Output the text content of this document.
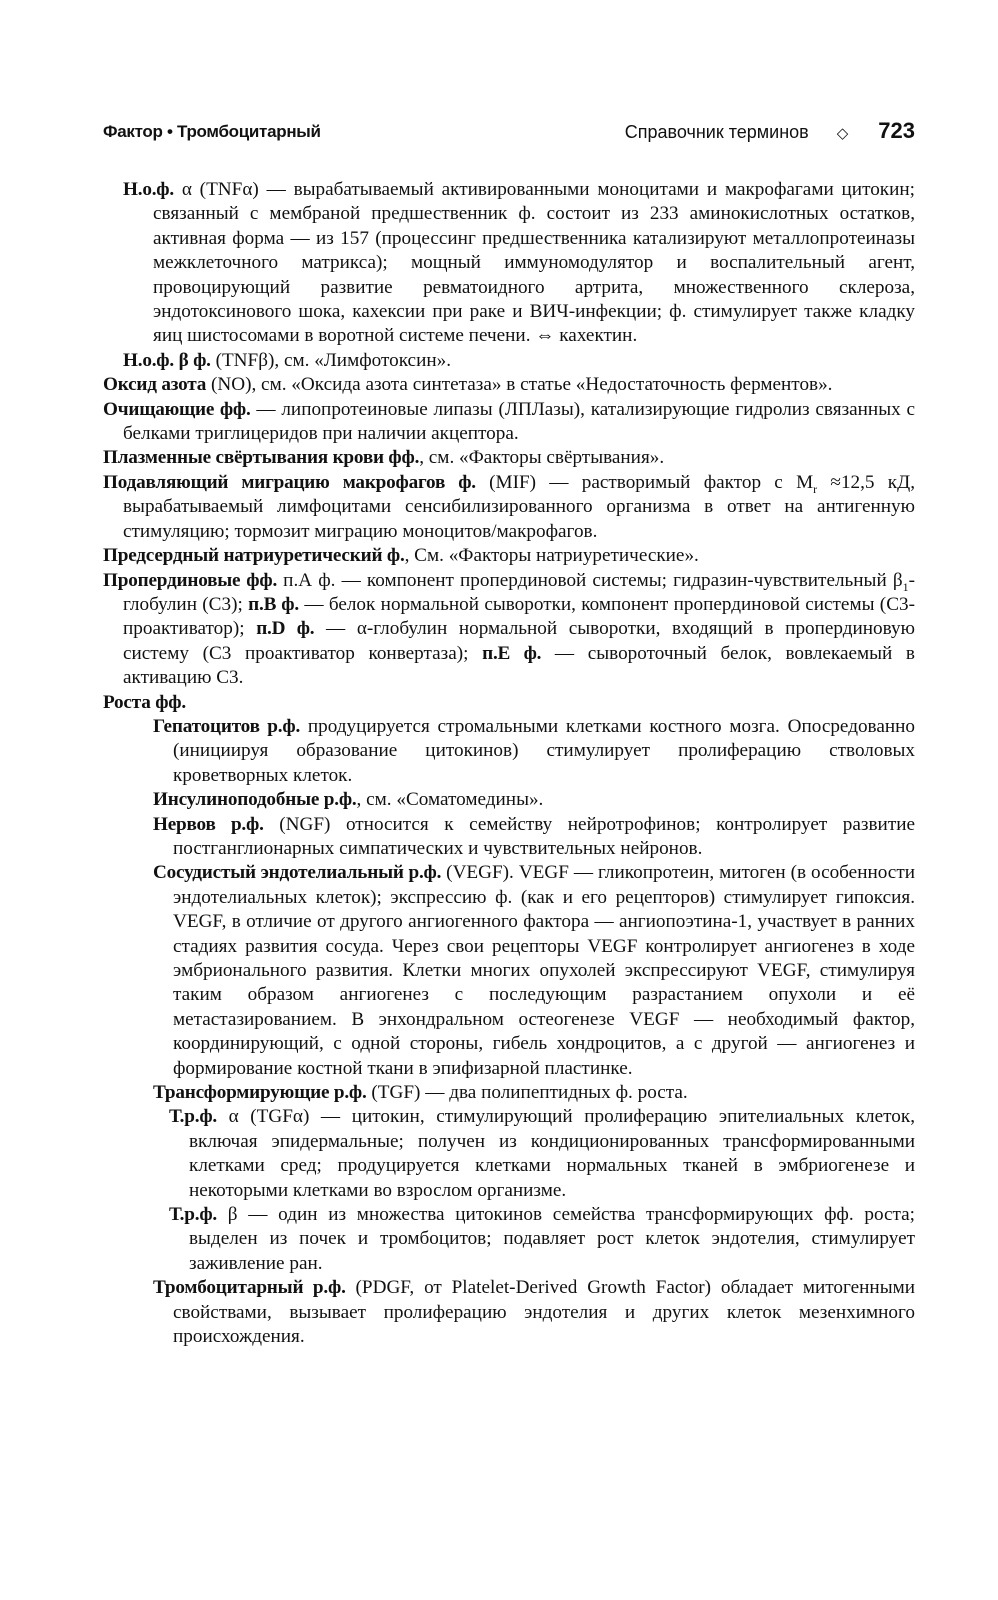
Фактор • Тромбоцитарный	Справочник терминов ◇ 723

Н.о.ф. α (TNFα) — вырабатываемый активированными моноцитами и макрофагами цитокин; связанный с мембраной предшественник ф. состоит из 233 аминокислотных остатков, активная форма — из 157 (процессинг предшественника катализируют металлопротеиназы межклеточного матрикса); мощный иммуномодулятор и воспалительный агент, провоцирующий развитие ревматоидного артрита, множественного склероза, эндотоксинового шока, кахексии при раке и ВИЧ-инфекции; ф. стимулирует также кладку яиц шистосомами в воротной системе печени. ⇔ кахектин.

Н.о.ф. β ф. (TNFβ), см. «Лимфотоксин».

Оксид азота (NO), см. «Оксида азота синтетаза» в статье «Недостаточность ферментов».

Очищающие фф. — липопротеиновые липазы (ЛПЛазы), катализирующие гидролиз связанных с белками триглицеридов при наличии акцептора.

Плазменные свёртывания крови фф., см. «Факторы свёртывания».

Подавляющий миграцию макрофагов ф. (MIF) — растворимый фактор с $M_r \approx 12,5$ кД, вырабатываемый лимфоцитами сенсибилизированного организма в ответ на антигенную стимуляцию; тормозит миграцию моноцитов/макрофагов.

Предсердный натриуретический ф., См. «Факторы натриуретические».

Пропердиновые фф. п.А ф. — компонент пропердиновой системы; гидразин-чувствительный $\beta_1$-глобулин (С3); п.В ф. — белок нормальной сыворотки, компонент пропердиновой системы (С3-проактиватор); п.D ф. — α-глобулин нормальной сыворотки, входящий в пропердиновую систему (С3 проактиватор конвертаза); п.Е ф. — сывороточный белок, вовлекаемый в активацию С3.

Роста фф.

Гепатоцитов р.ф. продуцируется стромальными клетками костного мозга. Опосредованно (инициируя образование цитокинов) стимулирует пролиферацию стволовых кроветворных клеток.

Инсулиноподобные р.ф., см. «Соматомедины».

Нервов р.ф. (NGF) относится к семейству нейротрофинов; контролирует развитие постганглионарных симпатических и чувствительных нейронов.

Сосудистый эндотелиальный р.ф. (VEGF). VEGF — гликопротеин, митоген (в особенности эндотелиальных клеток); экспрессию ф. (как и его рецепторов) стимулирует гипоксия. VEGF, в отличие от другого ангиогенного фактора — ангиопоэтина-1, участвует в ранних стадиях развития сосуда. Через свои рецепторы VEGF контролирует ангиогенез в ходе эмбрионального развития. Клетки многих опухолей экспрессируют VEGF, стимулируя таким образом ангиогенез с последующим разрастанием опухоли и её метастазированием. В энхондральном остеогенезе VEGF — необходимый фактор, координирующий, с одной стороны, гибель хондроцитов, а с другой — ангиогенез и формирование костной ткани в эпифизарной пластинке.

Трансформирующие р.ф. (TGF) — два полипептидных ф. роста.

Т.р.ф. α (TGFα) — цитокин, стимулирующий пролиферацию эпителиальных клеток, включая эпидермальные; получен из кондиционированных трансформированными клетками сред; продуцируется клетками нормальных тканей в эмбриогенезе и некоторыми клетками во взрослом организме.

Т.р.ф. β — один из множества цитокинов семейства трансформирующих фф. роста; выделен из почек и тромбоцитов; подавляет рост клеток эндотелия, стимулирует заживление ран.

Тромбоцитарный р.ф. (PDGF, от Platelet-Derived Growth Factor) обладает митогенными свойствами, вызывает пролиферацию эндотелия и других клеток мезенхимного происхождения.
